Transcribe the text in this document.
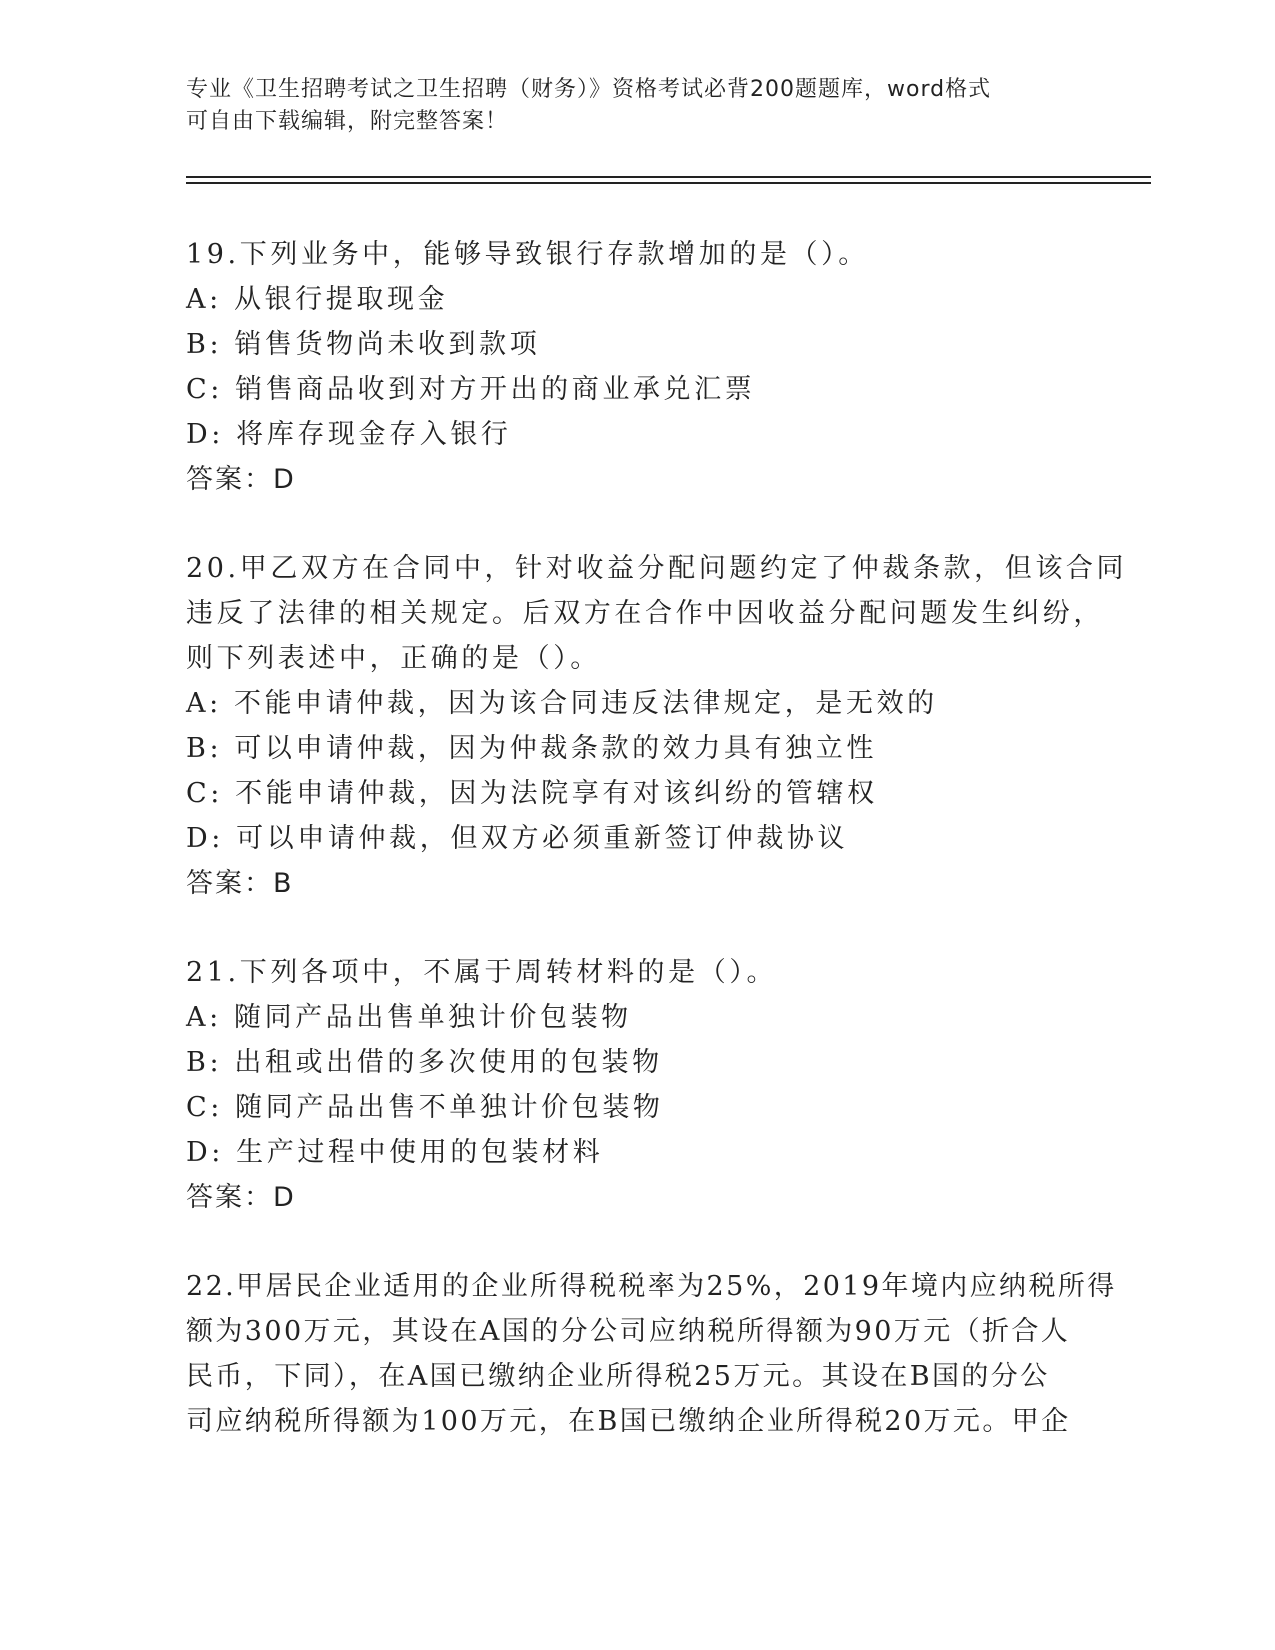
专业《卫生招聘考试之卫生招聘（财务）》资格考试必背200题题库，word格式
可自由下载编辑，附完整答案！
19.下列业务中，能够导致银行存款增加的是（）。
A: 从银行提取现金
B: 销售货物尚未收到款项
C: 销售商品收到对方开出的商业承兑汇票
D: 将库存现金存入银行
答案：D
20.甲乙双方在合同中，针对收益分配问题约定了仲裁条款，但该合同
违反了法律的相关规定。后双方在合作中因收益分配问题发生纠纷，
则下列表述中，正确的是（）。
A: 不能申请仲裁，因为该合同违反法律规定，是无效的
B: 可以申请仲裁，因为仲裁条款的效力具有独立性
C: 不能申请仲裁，因为法院享有对该纠纷的管辖权
D: 可以申请仲裁，但双方必须重新签订仲裁协议
答案：B
21.下列各项中，不属于周转材料的是（）。
A: 随同产品出售单独计价包装物
B: 出租或出借的多次使用的包装物
C: 随同产品出售不单独计价包装物
D: 生产过程中使用的包装材料
答案：D
22.甲居民企业适用的企业所得税税率为25%，2019年境内应纳税所得
额为300万元，其设在A国的分公司应纳税所得额为90万元（折合人
民币，下同），在A国已缴纳企业所得税25万元。其设在B国的分公
司应纳税所得额为100万元，在B国已缴纳企业所得税20万元。甲企
